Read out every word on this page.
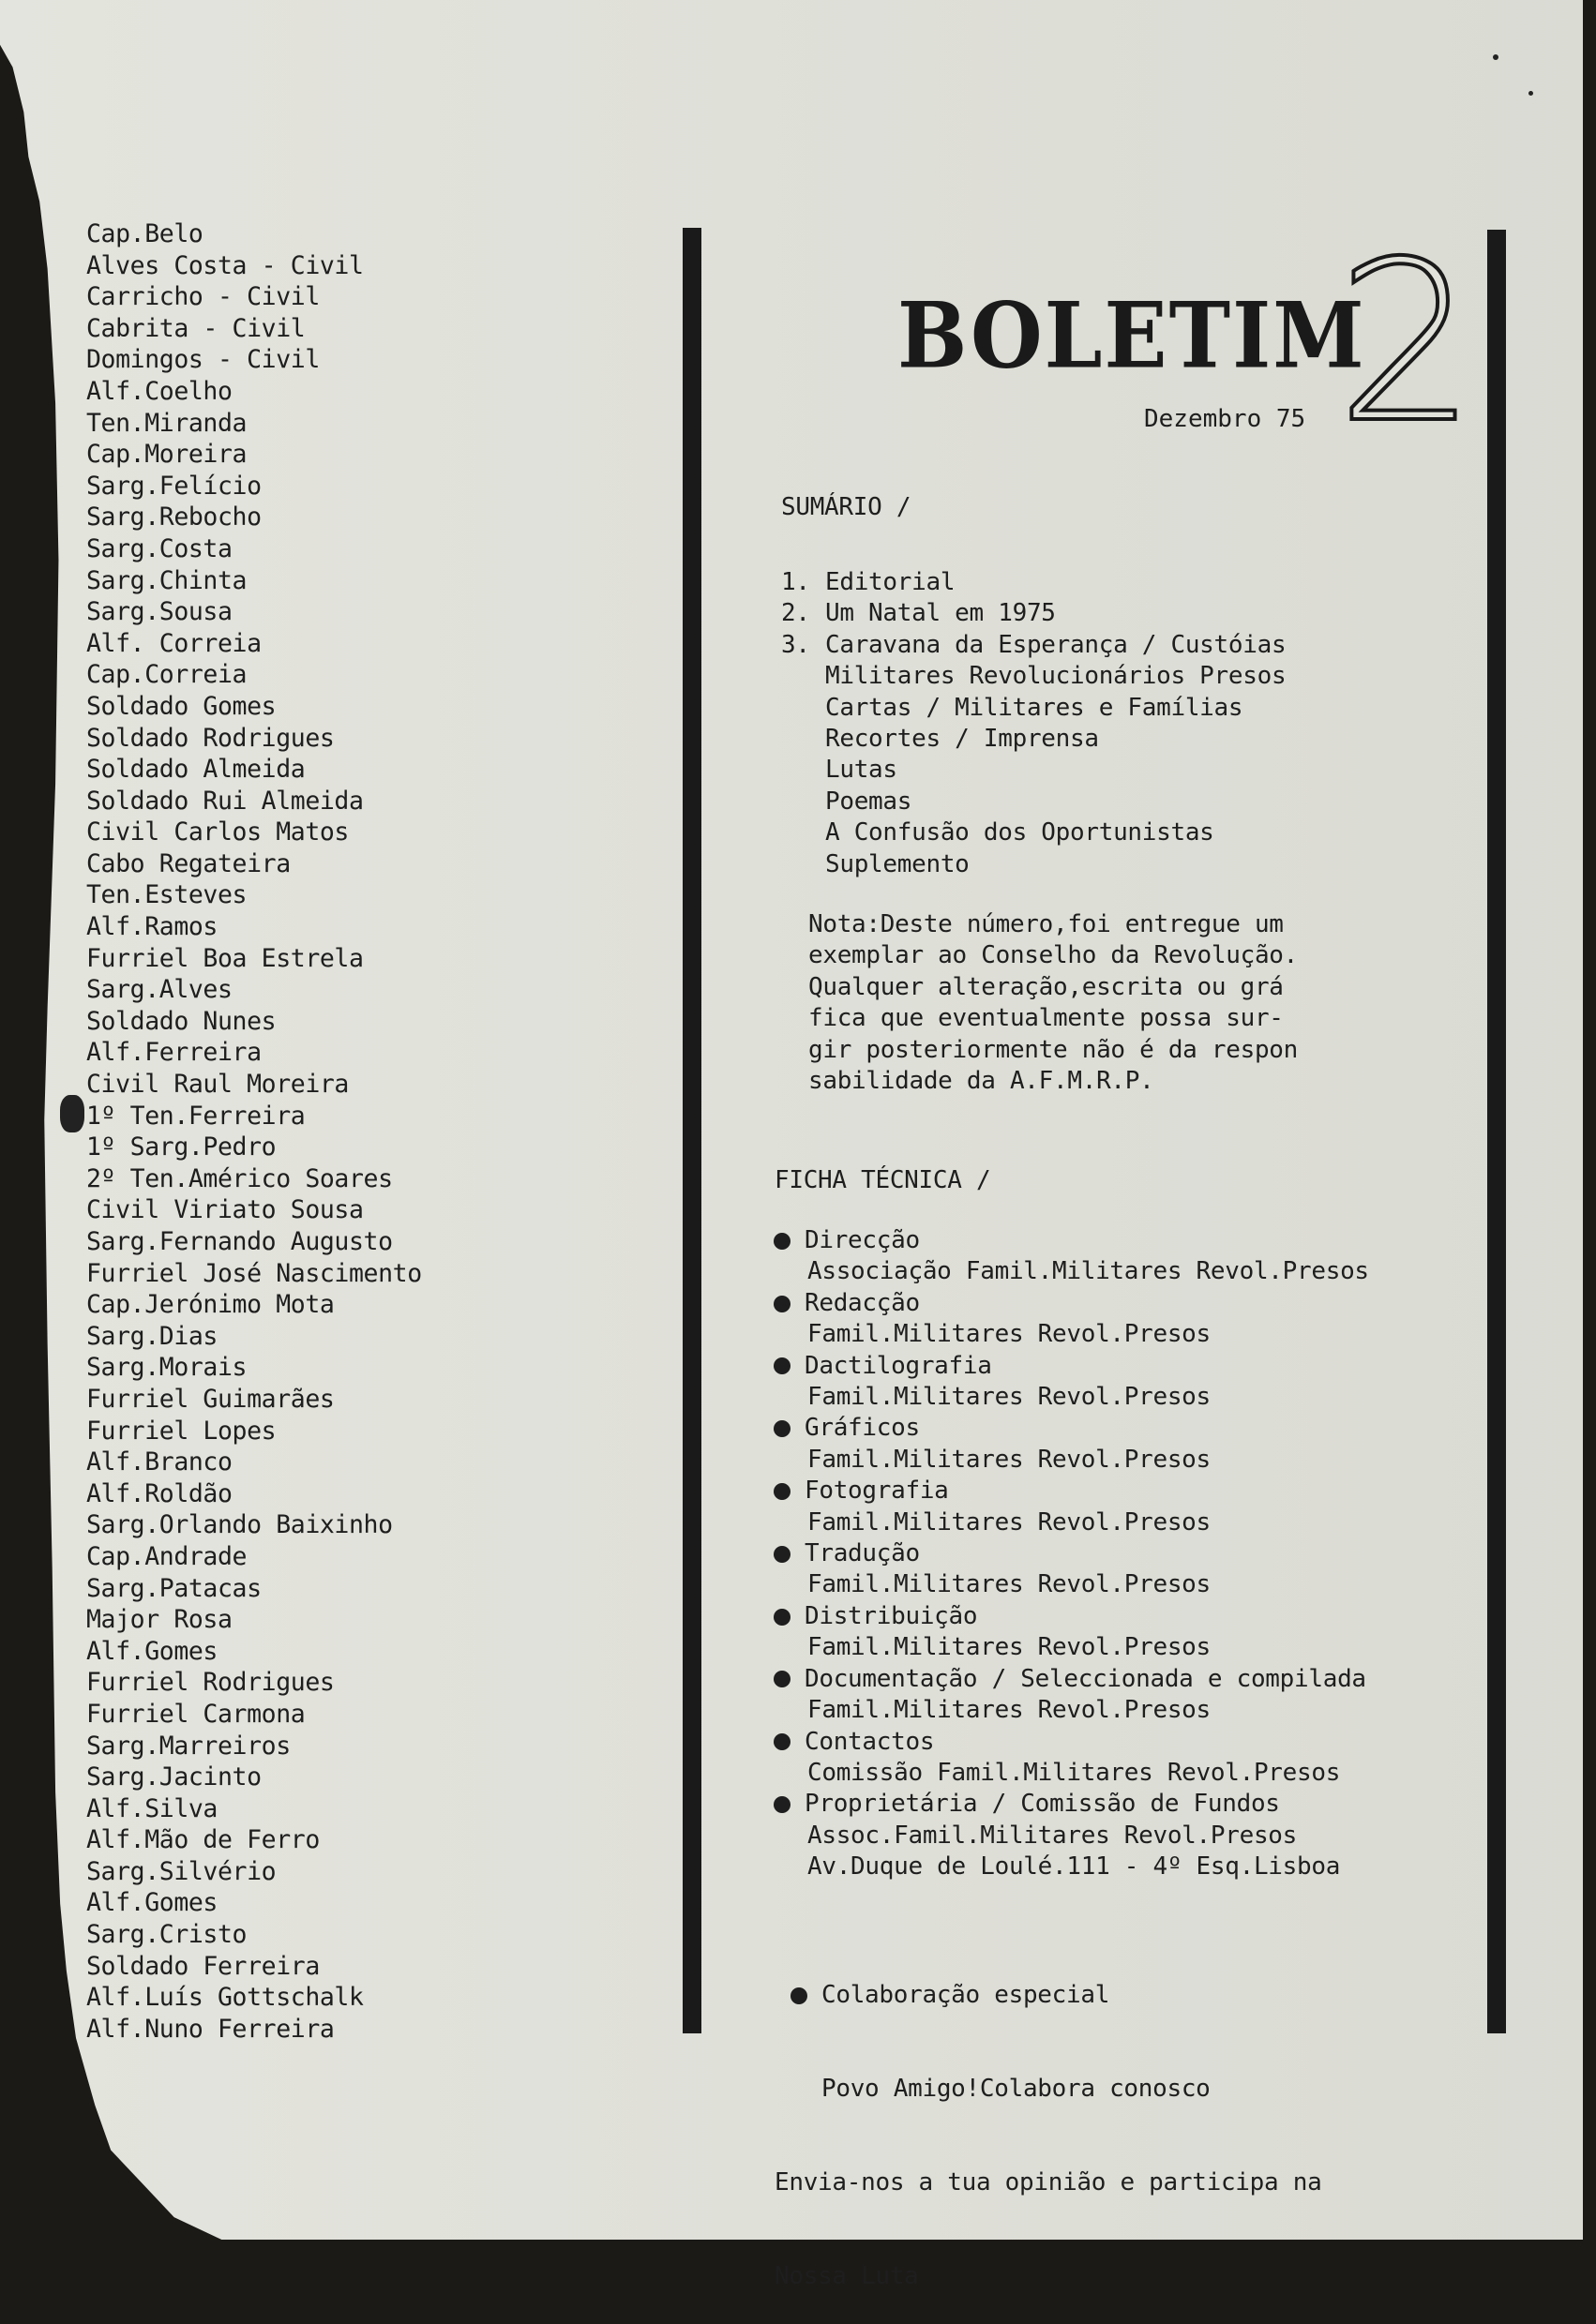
Cap.Belo
Alves Costa - Civil
Carricho - Civil
Cabrita - Civil
Domingos - Civil
Alf.Coelho
Ten.Miranda
Cap.Moreira
Sarg.Felício
Sarg.Rebocho
Sarg.Costa
Sarg.Chinta
Sarg.Sousa
Alf. Correia
Cap.Correia
Soldado Gomes
Soldado Rodrigues
Soldado Almeida
Soldado Rui Almeida
Civil Carlos Matos
Cabo Regateira
Ten.Esteves
Alf.Ramos
Furriel Boa Estrela
Sarg.Alves
Soldado Nunes
Alf.Ferreira
Civil Raul Moreira
1º Ten.Ferreira
1º Sarg.Pedro
2º Ten.Américo Soares
Civil Viriato Sousa
Sarg.Fernando Augusto
Furriel José Nascimento
Cap.Jerónimo Mota
Sarg.Dias
Sarg.Morais
Furriel Guimarães
Furriel Lopes
Alf.Branco
Alf.Roldão
Sarg.Orlando Baixinho
Cap.Andrade
Sarg.Patacas
Major Rosa
Alf.Gomes
Furriel Rodrigues
Furriel Carmona
Sarg.Marreiros
Sarg.Jacinto
Alf.Silva
Alf.Mão de Ferro
Sarg.Silvério
Alf.Gomes
Sarg.Cristo
Soldado Ferreira
Alf.Luís Gottschalk
Alf.Nuno Ferreira
BOLETIM
2
Dezembro 75
SUMÁRIO /
1. Editorial
2. Um Natal em 1975
3. Caravana da Esperança / Custóias
Militares Revolucionários Presos
Cartas / Militares e Famílias
Recortes / Imprensa
Lutas
Poemas
A Confusão dos Oportunistas
Suplemento
Nota:Deste número,foi entregue um
exemplar ao Conselho da Revolução.
Qualquer alteração,escrita ou grá
fica que eventualmente possa sur-
gir posteriormente não é da respon
sabilidade da A.F.M.R.P.
FICHA TÉCNICA /
Direcção
Associação Famil.Militares Revol.Presos
Redacção
Famil.Militares Revol.Presos
Dactilografia
Famil.Militares Revol.Presos
Gráficos
Famil.Militares Revol.Presos
Fotografia
Famil.Militares Revol.Presos
Tradução
Famil.Militares Revol.Presos
Distribuição
Famil.Militares Revol.Presos
Documentação / Seleccionada e compilada
Famil.Militares Revol.Presos
Contactos
Comissão Famil.Militares Revol.Presos
Proprietária / Comissão de Fundos
Assoc.Famil.Militares Revol.Presos
Av.Duque de Loulé.111 - 4º Esq.Lisboa

Colaboração especial

Povo Amigo!Colabora conosco

Envia-nos a tua opinião e participa na

Nossa Luta
